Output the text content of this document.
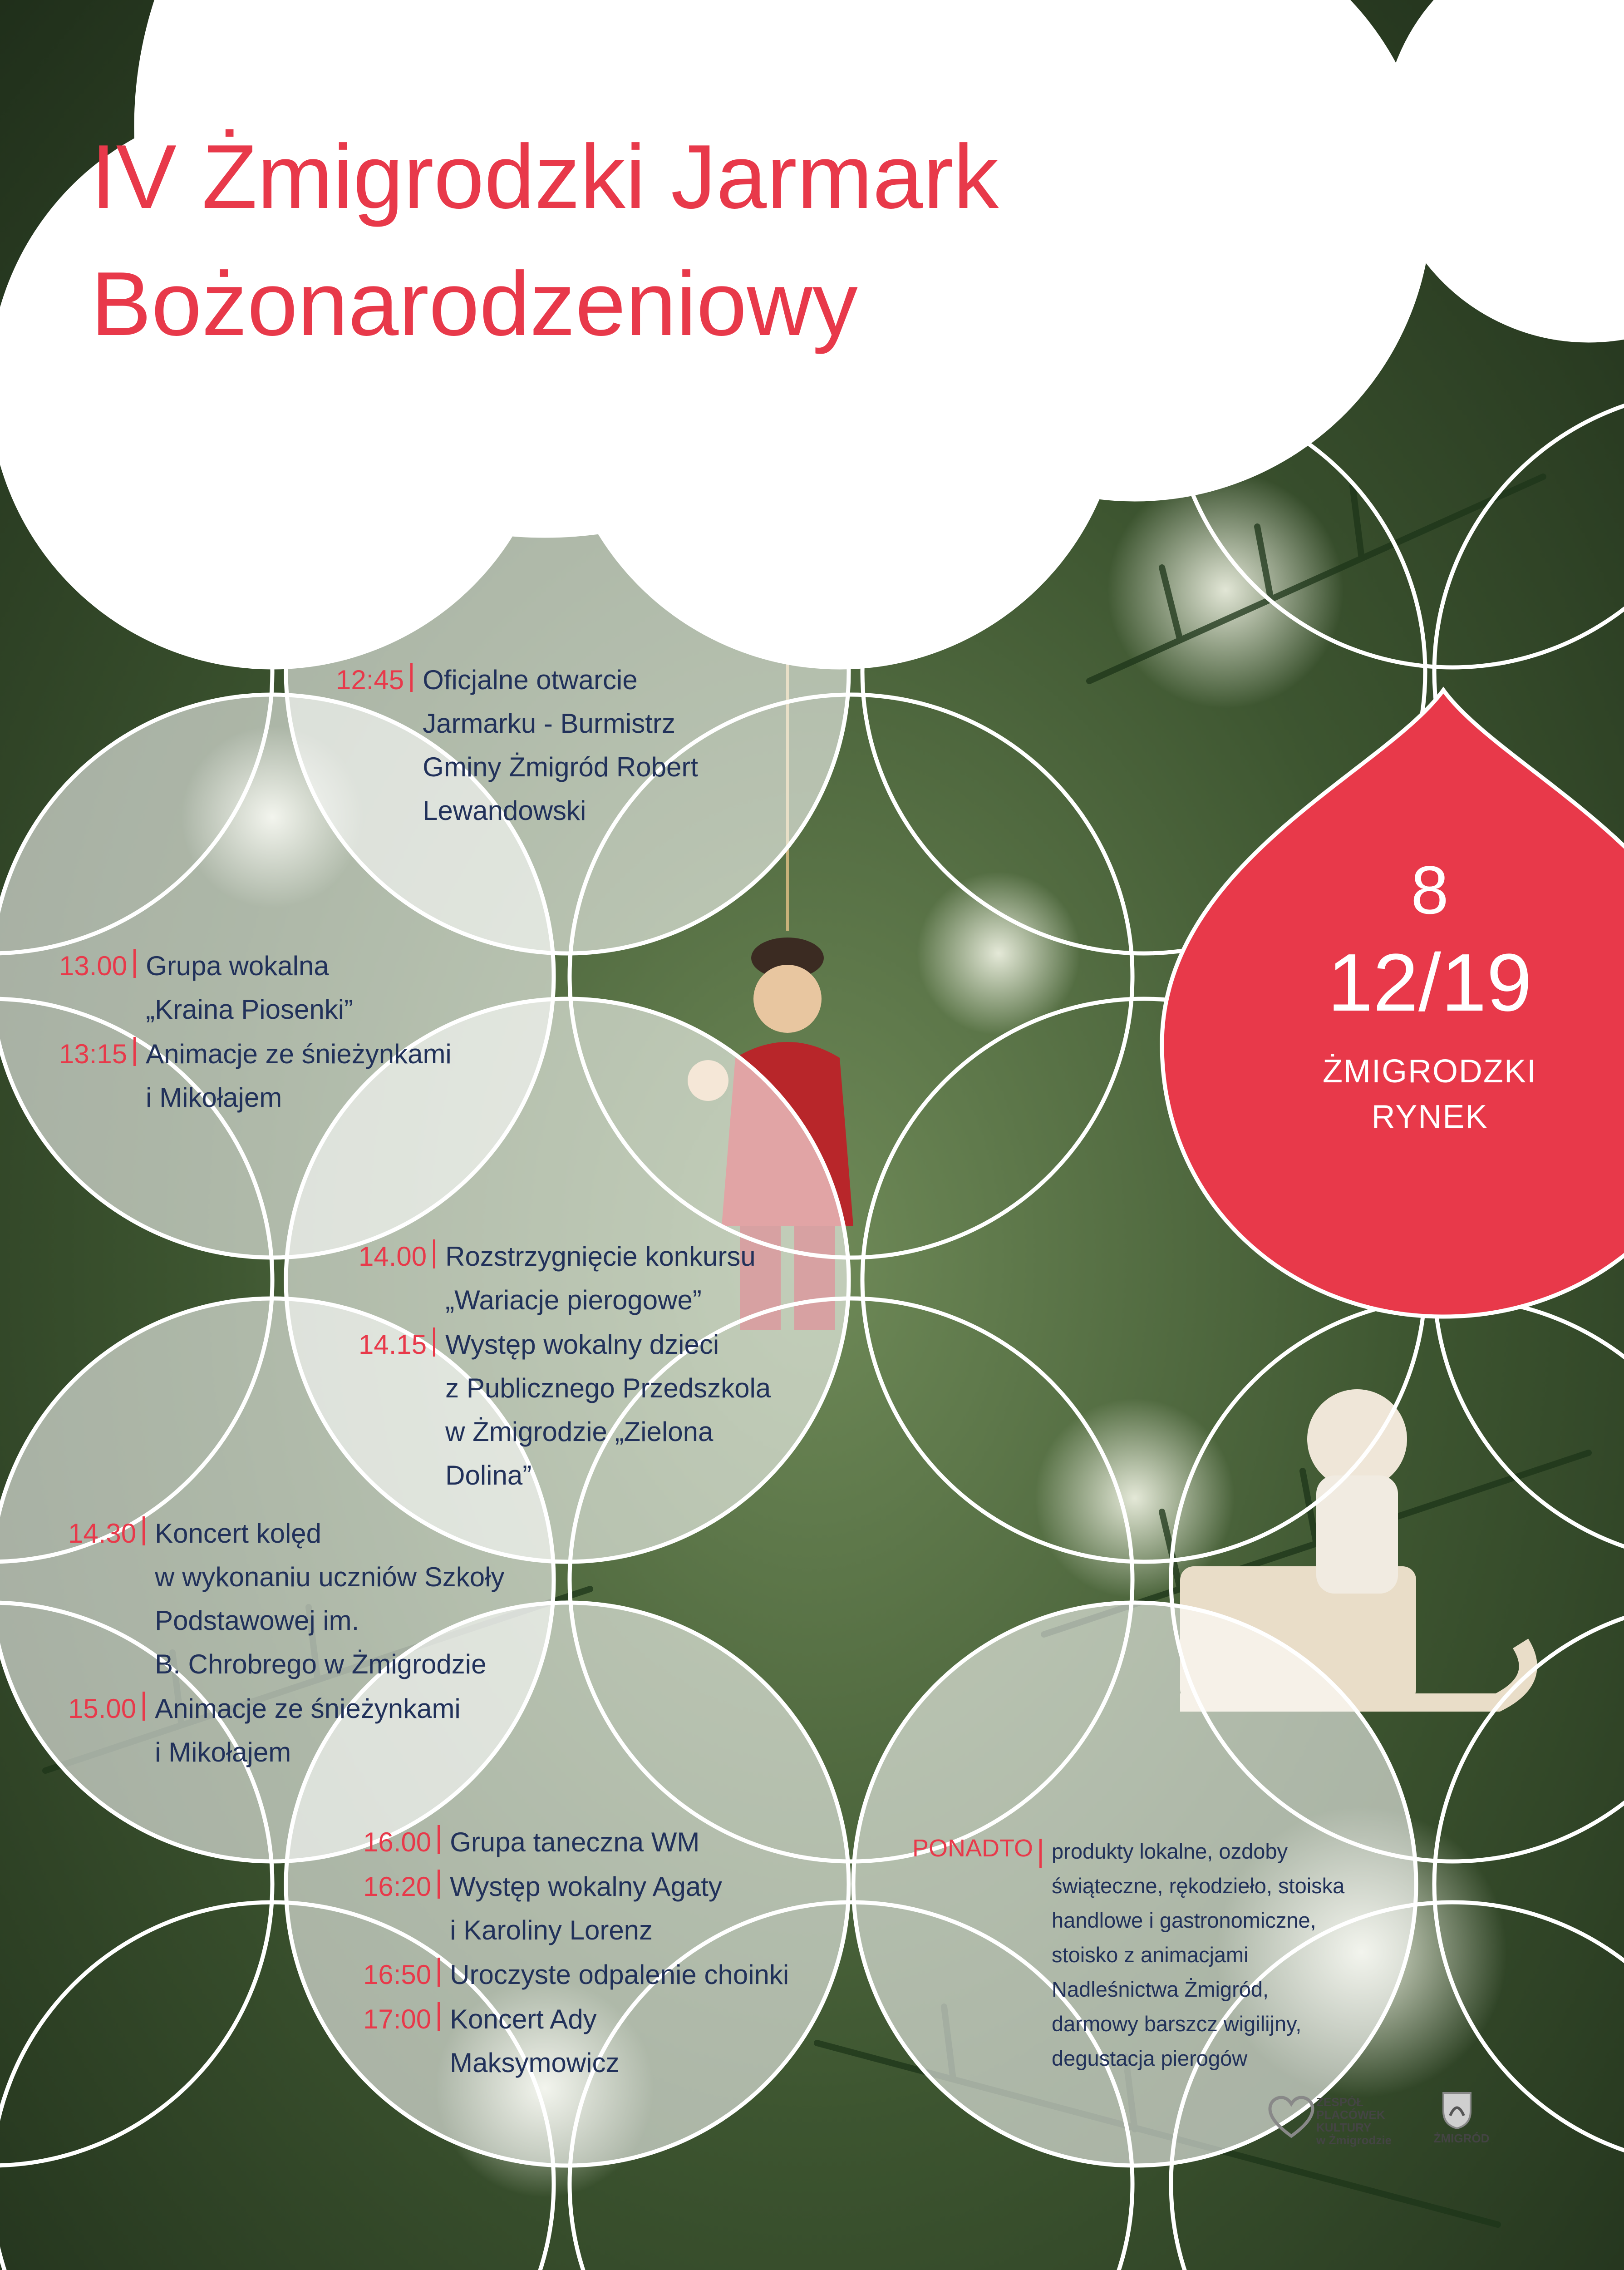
IV Żmigrodzki Jarmark
Bożonarodzeniowy
8
12/19
ŻMIGRODZKI
RYNEK
12:45 Oficjalne otwarcie
Jarmarku - Burmistrz
Gminy Żmigród Robert
Lewandowski
13.00 Grupa wokalna
„Kraina Piosenki”
13:15 Animacje ze śnieżynkami
i Mikołajem
14.00 Rozstrzygnięcie konkursu
„Wariacje pierogowe”
14.15 Występ wokalny dzieci
z Publicznego Przedszkola
w Żmigrodzie „Zielona
Dolina”
14.30 Koncert kolęd
w wykonaniu uczniów Szkoły
Podstawowej im.
B. Chrobrego w Żmigrodzie
15.00 Animacje ze śnieżynkami
i Mikołajem
16.00 Grupa taneczna WM
16:20 Występ wokalny Agaty
i Karoliny Lorenz
16:50 Uroczyste odpalenie choinki
17:00 Koncert Ady
Maksymowicz
PONADTO produkty lokalne, ozdoby
świąteczne, rękodzieło, stoiska
handlowe i gastronomiczne,
stoisko z animacjami
Nadleśnictwa Żmigród,
darmowy barszcz wigilijny,
degustacja pierogów
ZESPÓŁ
PLACÓWEK
KULTURY
w Żmigrodzie	ŻMIGRÓD
